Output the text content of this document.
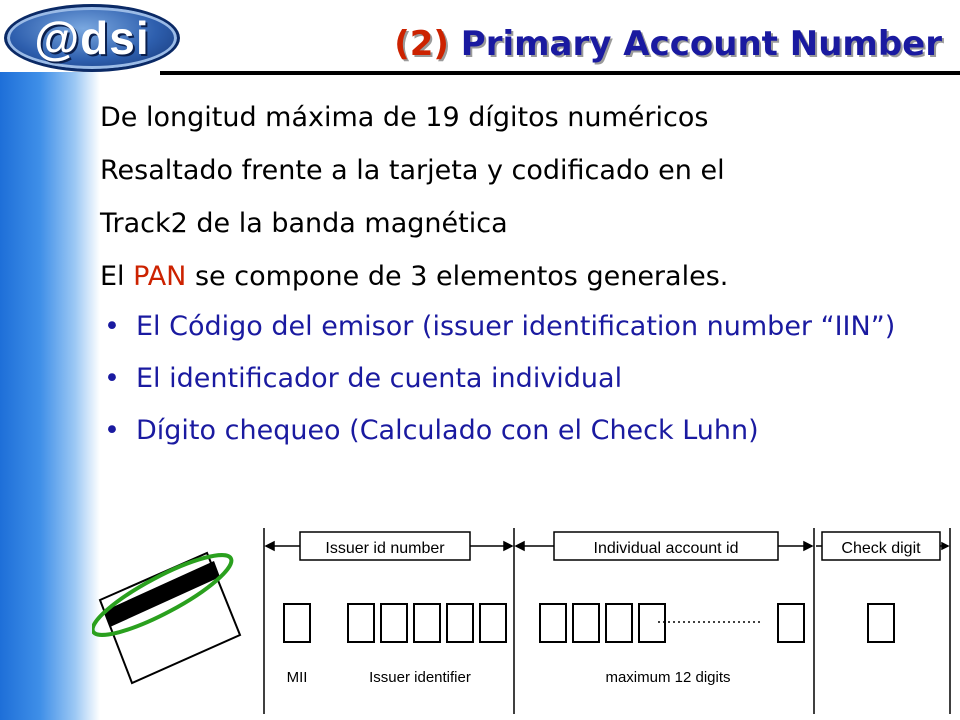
@dsi	(2) Primary Account Number

De longitud máxima de 19 dígitos numéricos

Resaltado frente a la tarjeta y codificado en el

Track2 de la banda magnética

El PAN se compone de 3 elementos generales.

• El Código del emisor (issuer identification number “IIN”)
• El identificador de cuenta individual
• Dígito chequeo (Calculado con el Check Luhn)
Issuer id number	Individual account id	Check digit
MII	Issuer identifier	maximum 12 digits
